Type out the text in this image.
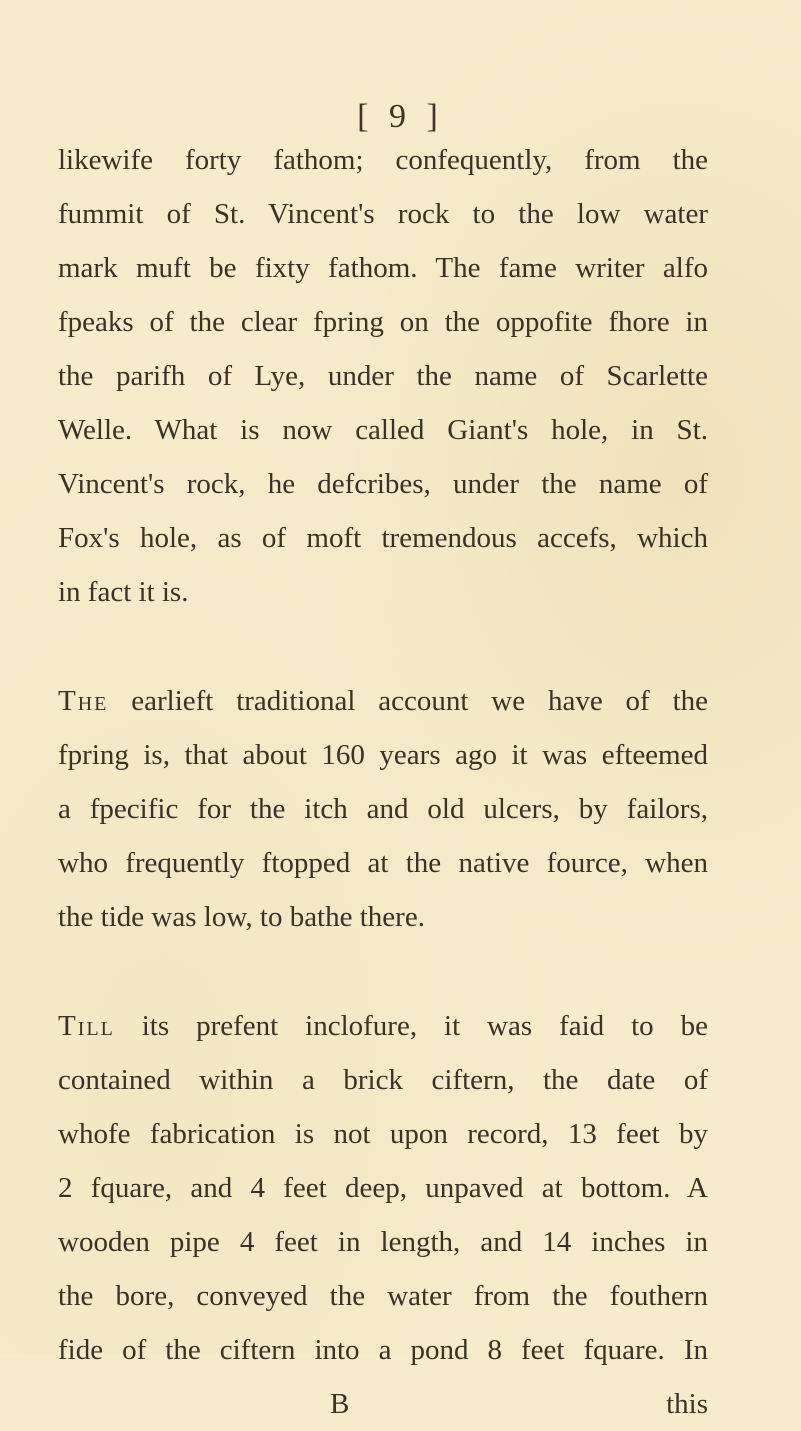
[ 9 ]
likewife forty fathom; confequently, from the
fummit of St. Vincent's rock to the low water
mark muft be fixty fathom. The fame writer alfo
fpeaks of the clear fpring on the oppofite fhore in
the parifh of Lye, under the name of Scarlette
Welle. What is now called Giant's hole, in St.
Vincent's rock, he defcribes, under the name of
Fox's hole, as of moft tremendous accefs, which
in fact it is.
The earlieft traditional account we have of the
fpring is, that about 160 years ago it was efteemed
a fpecific for the itch and old ulcers, by failors,
who frequently ftopped at the native fource, when
the tide was low, to bathe there.
Till its prefent inclofure, it was faid to be
contained within a brick ciftern, the date of
whofe fabrication is not upon record, 13 feet by
2 fquare, and 4 feet deep, unpaved at bottom. A
wooden pipe 4 feet in length, and 14 inches in
the bore, conveyed the water from the fouthern
fide of the ciftern into a pond 8 feet fquare. In
B	this
